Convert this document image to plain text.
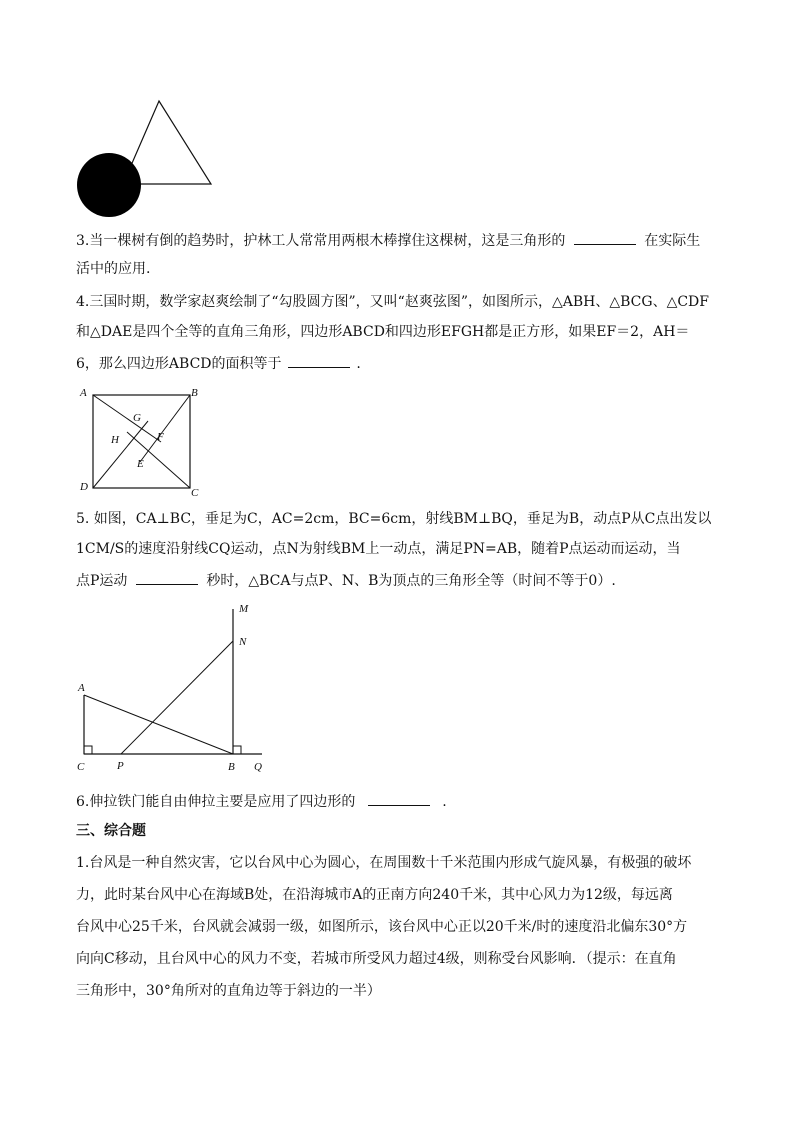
3.当一棵树有倒的趋势时，护林工人常常用两根木棒撑住这棵树，这是三角形的	在实际生
活中的应用.
4.三国时期，数学家赵爽绘制了“勾股圆方图”，又叫“赵爽弦图”，如图所示，△ABH、△BCG、△CDF
和△DAE是四个全等的直角三角形，四边形ABCD和四边形EFGH都是正方形，如果EF＝2，AH＝
6，那么四边形ABCD的面积等于	.
A	B
C
D
G
H	F
E
5. 如图，CA⊥BC，垂足为C，AC=2cm，BC=6cm，射线BM⊥BQ，垂足为B，动点P从C点出发以
1CM/S的速度沿射线CQ运动，点N为射线BM上一动点，满足PN=AB，随着P点运动而运动，当
点P运动	秒时，△BCA与点P、N、B为顶点的三角形全等（时间不等于0）.
M
N
A
C	P	B Q
6.伸拉铁门能自由伸拉主要是应用了四边形的	.
三、综合题
1.台风是一种自然灾害，它以台风中心为圆心，在周围数十千米范围内形成气旋风暴，有极强的破坏
力，此时某台风中心在海域B处，在沿海城市A的正南方向240千米，其中心风力为12级，每远离
台风中心25千米，台风就会减弱一级，如图所示，该台风中心正以20千米/时的速度沿北偏东30°方
向向C移动，且台风中心的风力不变，若城市所受风力超过4级，则称受台风影响．（提示：在直角
三角形中，30°角所对的直角边等于斜边的一半）
